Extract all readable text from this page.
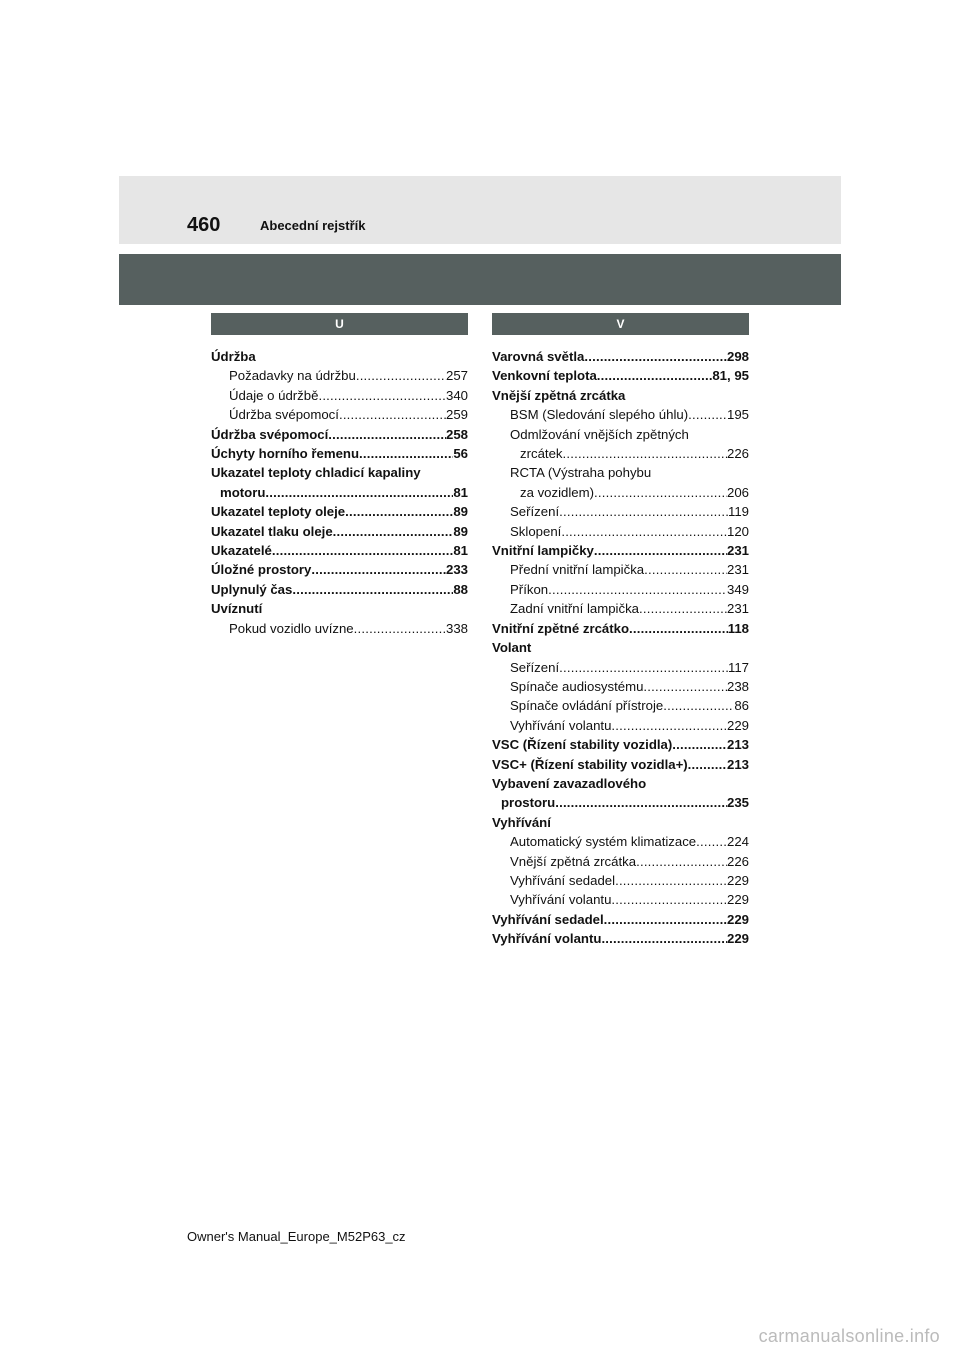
460	Abecední rejstřík
U
Údržba
Požadavky na údržbu .....	257
Údaje o údržbě .....	340
Údržba svépomocí .....	259
Údržba svépomocí .....	258
Úchyty horního řemenu .....	56
Ukazatel teploty chladicí kapaliny
motoru .....	81
Ukazatel teploty oleje .....	89
Ukazatel tlaku oleje .....	89
Ukazatelé .....	81
Úložné prostory .....	233
Uplynulý čas .....	88
Uvíznutí
Pokud vozidlo uvízne .....	338
V
Varovná světla .....	298
Venkovní teplota .....	81, 95
Vnější zpětná zrcátka
BSM (Sledování slepého úhlu) .....	195
Odmlžování vnějších zpětných
zrcátek .....	226
RCTA (Výstraha pohybu
za vozidlem) .....	206
Seřízení .....	119
Sklopení .....	120
Vnitřní lampičky .....	231
Přední vnitřní lampička .....	231
Příkon .....	349
Zadní vnitřní lampička .....	231
Vnitřní zpětné zrcátko .....	118
Volant
Seřízení .....	117
Spínače audiosystému .....	238
Spínače ovládání přístroje .....	86
Vyhřívání volantu .....	229
VSC (Řízení stability vozidla) .....	213
VSC+ (Řízení stability vozidla+) .....	213
Vybavení zavazadlového
prostoru .....	235
Vyhřívání
Automatický systém klimatizace ..... 224
Vnější zpětná zrcátka .....	226
Vyhřívání sedadel .....	229
Vyhřívání volantu .....	229
Vyhřívání sedadel .....	229
Vyhřívání volantu .....	229
Owner's Manual_Europe_M52P63_cz
carmanualsonline.info
